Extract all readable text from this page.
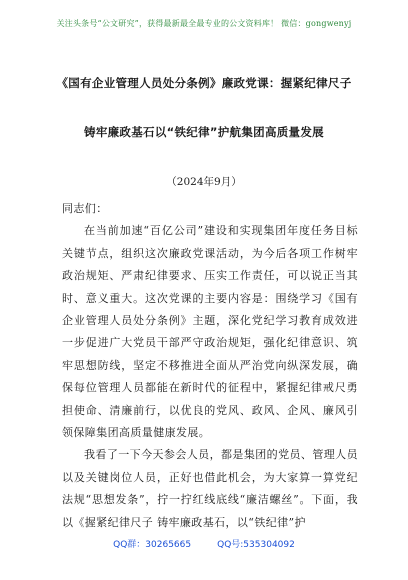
关注头条号“公文研究”，获得最新最全最专业的公文资料库！ 微信：gongwenyj
《国有企业管理人员处分条例》廉政党课：握紧纪律尺子
铸牢廉政基石以“铁纪律”护航集团高质量发展
（2024年9月）

同志们：

在当前加速“百亿公司”建设和实现集团年度任务目标关键节点，组织这次廉政党课活动，为今后各项工作树牢政治规矩、严肃纪律要求、压实工作责任，可以说正当其时、意义重大。这次党课的主要内容是：围绕学习《国有企业管理人员处分条例》主题，深化党纪学习教育成效进一步促进广大党员干部严守政治规矩，强化纪律意识、筑牢思想防线，坚定不移推进全面从严治党向纵深发展，确保每位管理人员都能在新时代的征程中，紧握纪律戒尺勇担使命、清廉前行，以优良的党风、政风、企风、廉风引领保障集团高质量健康发展。

我看了一下今天参会人员，都是集团的党员、管理人员以及关键岗位人员，正好也借此机会，为大家算一算党纪法规“思想发条”，拧一拧红线底线“廉洁螺丝”。下面，我以《握紧纪律尺子 铸牢廉政基石，以“铁纪律”护

QQ群：30265665	QQ号:535304092
